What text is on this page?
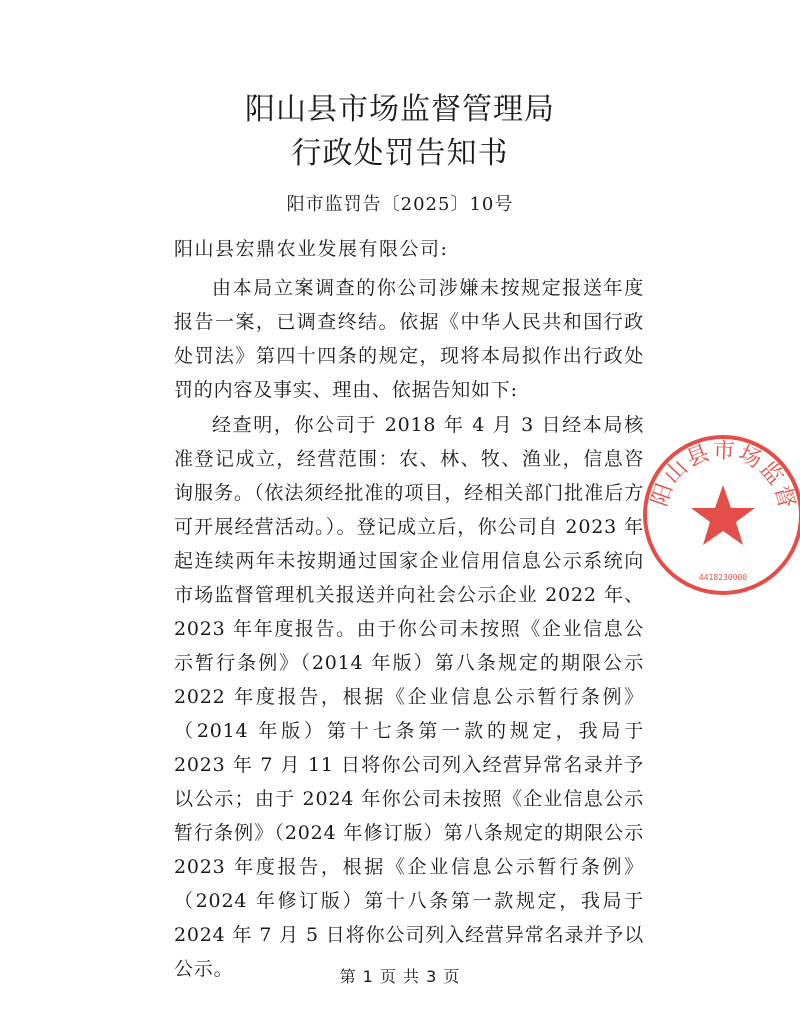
阳山县市场监督管理局
行政处罚告知书
阳市监罚告〔2025〕10号
阳山县宏鼎农业发展有限公司:
由本局立案调查的你公司涉嫌未按规定报送年度报告一案，已调查终结。依据《中华人民共和国行政处罚法》第四十四条的规定，现将本局拟作出行政处罚的内容及事实、理由、依据告知如下:
经查明，你公司于 2018 年 4 月 3 日经本局核准登记成立，经营范围：农、林、牧、渔业，信息咨询服务。（依法须经批准的项目，经相关部门批准后方可开展经营活动。）。登记成立后，你公司自 2023 年起连续两年未按期通过国家企业信用信息公示系统向市场监督管理机关报送并向社会公示企业 2022 年、2023 年年度报告。由于你公司未按照《企业信息公示暂行条例》（2014 年版）第八条规定的期限公示 2022 年度报告，根据《企业信息公示暂行条例》（2014 年版）第十七条第一款的规定，我局于 2023 年 7 月 11 日将你公司列入经营异常名录并予以公示；由于 2024 年你公司未按照《企业信息公示暂行条例》（2024 年修订版）第八条规定的期限公示 2023 年度报告，根据《企业信息公示暂行条例》（2024 年修订版）第十八条第一款规定，我局于 2024 年 7 月 5 日将你公司列入经营异常名录并予以公示。
阳山县市场监督
4418230000
第 1 页 共 3 页
